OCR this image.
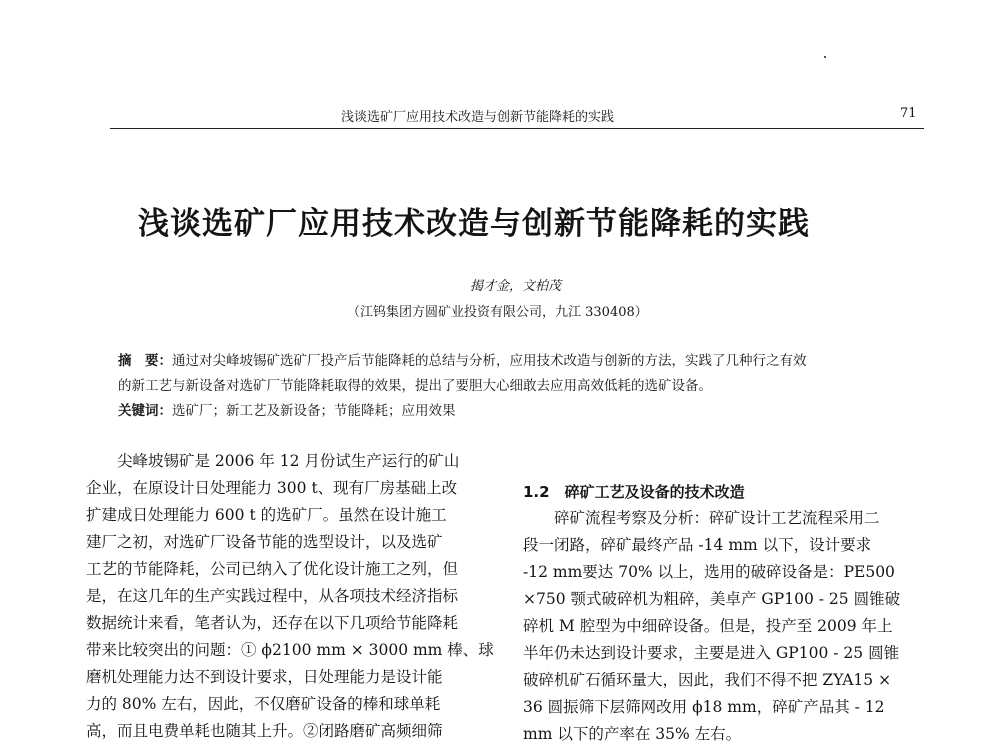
浅谈选矿厂应用技术改造与创新节能降耗的实践	71
浅谈选矿厂应用技术改造与创新节能降耗的实践
揭才金，文柏茂
（江钨集团方圆矿业投资有限公司，九江 330408）

摘　要：通过对尖峰坡锡矿选矿厂投产后节能降耗的总结与分析，应用技术改造与创新的方法，实践了几种行之有效

的新工艺与新设备对选矿厂节能降耗取得的效果，提出了要胆大心细敢去应用高效低耗的选矿设备。

关键词：选矿厂；新工艺及新设备；节能降耗；应用效果

　　尖峰坡锡矿是 2006 年 12 月份试生产运行的矿山
企业，在原设计日处理能力 300 t、现有厂房基础上改
扩建成日处理能力 600 t 的选矿厂。虽然在设计施工
建厂之初，对选矿厂设备节能的选型设计，以及选矿
工艺的节能降耗，公司已纳入了优化设计施工之列，但
是，在这几年的生产实践过程中，从各项技术经济指标
数据统计来看，笔者认为，还存在以下几项给节能降耗
带来比较突出的问题：① ϕ2100 mm × 3000 mm 棒、球
磨机处理能力达不到设计要求，日处理能力是设计能
力的 80% 左右，因此，不仅磨矿设备的棒和球单耗
高，而且电费单耗也随其上升。②闭路磨矿高频细筛
1.2　碎矿工艺及设备的技术改造
　　碎矿流程考察及分析：碎矿设计工艺流程采用二
段一闭路，碎矿最终产品 -14 mm 以下，设计要求
-12 mm要达 70% 以上，选用的破碎设备是：PE500
×750 颚式破碎机为粗碎，美卓产 GP100 - 25 圆锥破
碎机 M 腔型为中细碎设备。但是，投产至 2009 年上
半年仍未达到设计要求，主要是进入 GP100 - 25 圆锥
破碎机矿石循环量大，因此，我们不得不把 ZYA15 ×
36 圆振筛下层筛网改用 ϕ18 mm，碎矿产品其 - 12
mm 以下的产率在 35% 左右。
